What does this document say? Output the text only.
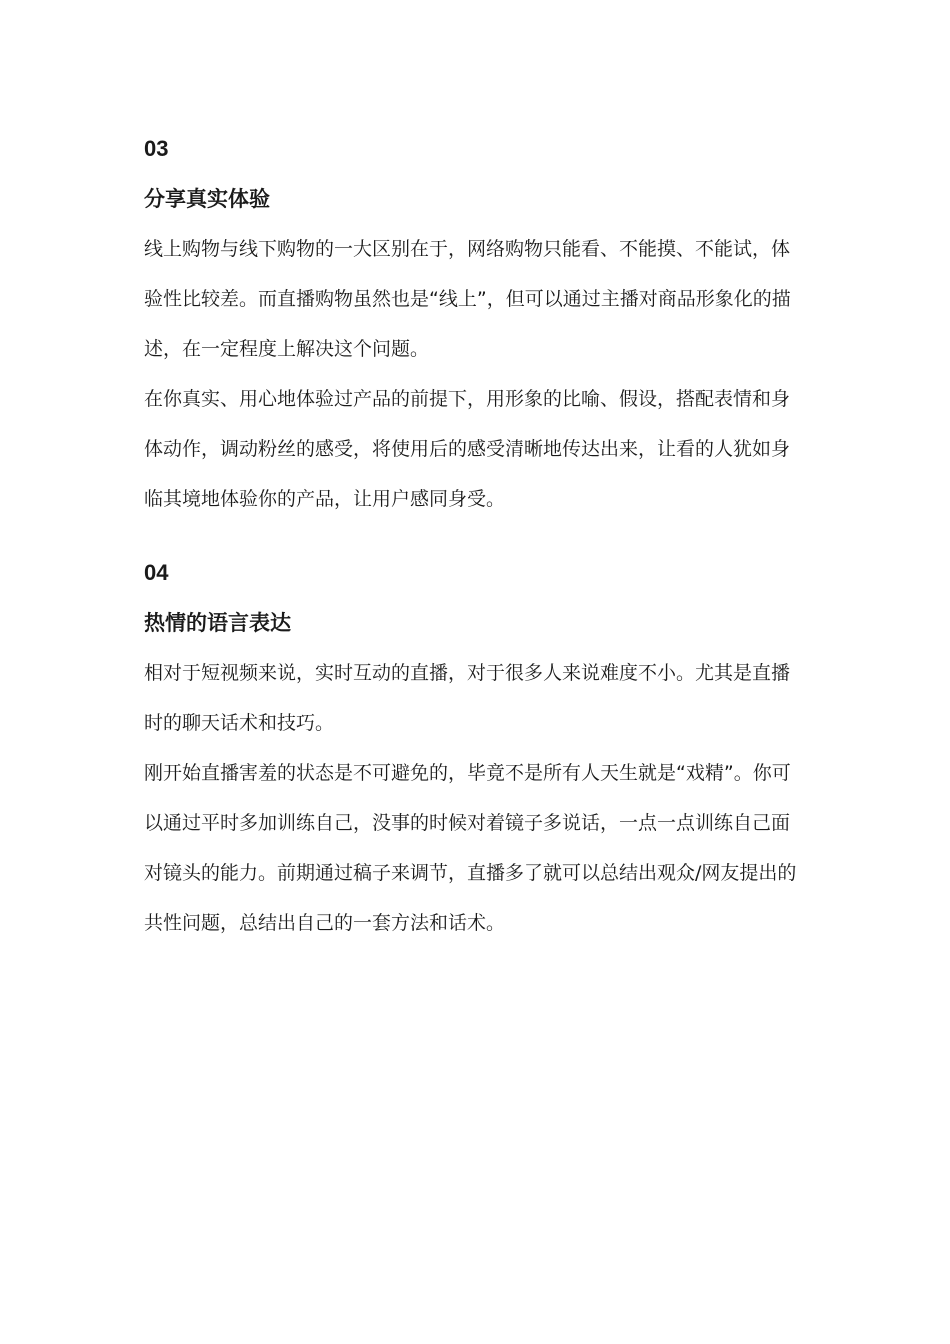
03
分享真实体验

线上购物与线下购物的一大区别在于，网络购物只能看、不能摸、不能试，体验性比较差。而直播购物虽然也是“线上”，但可以通过主播对商品形象化的描述，在一定程度上解决这个问题。

在你真实、用心地体验过产品的前提下，用形象的比喻、假设，搭配表情和身体动作，调动粉丝的感受，将使用后的感受清晰地传达出来，让看的人犹如身临其境地体验你的产品，让用户感同身受。

04
热情的语言表达

相对于短视频来说，实时互动的直播，对于很多人来说难度不小。尤其是直播时的聊天话术和技巧。

刚开始直播害羞的状态是不可避免的，毕竟不是所有人天生就是“戏精”。你可以通过平时多加训练自己，没事的时候对着镜子多说话，一点一点训练自己面对镜头的能力。前期通过稿子来调节，直播多了就可以总结出观众/网友提出的共性问题，总结出自己的一套方法和话术。
